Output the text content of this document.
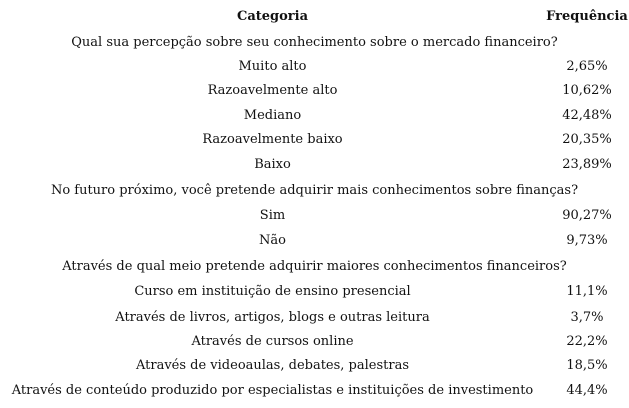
Categoria	Frequência
Qual sua percepção sobre seu conhecimento sobre o mercado financeiro?
Muito alto	2,65%
Razoavelmente alto	10,62%
Mediano	42,48%
Razoavelmente baixo	20,35%
Baixo	23,89%
No futuro próximo, você pretende adquirir mais conhecimentos sobre finanças?
Sim	90,27%
Não	9,73%
Através de qual meio pretende adquirir maiores conhecimentos financeiros?
Curso em instituição de ensino presencial	11,1%
Através de livros, artigos, blogs e outras leitura	3,7%
Através de cursos online	22,2%
Através de videoaulas, debates, palestras	18,5%
Através de conteúdo produzido por especialistas e instituições de investimento	44,4%
